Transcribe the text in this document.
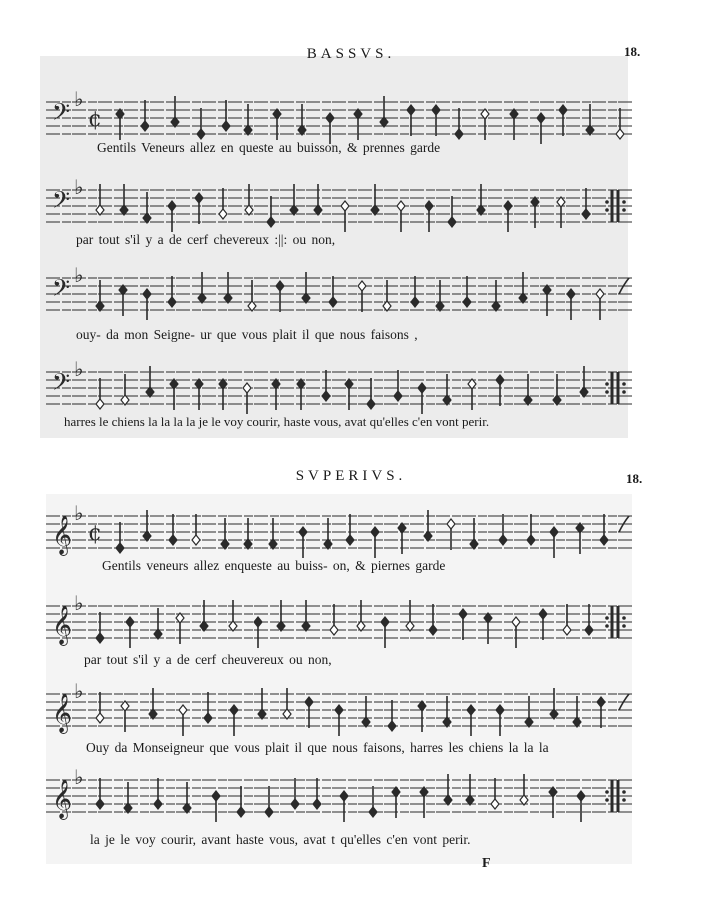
BASSVS.	18.
𝄢 ♭
¢
Gentils Veneurs allez en queste au buisson, & prennes garde
𝄢 ♭
par tout s'il y a de cerf chevereux :||: ou non,
𝄢 ♭
ouy- da mon Seigne- ur que vous plait il que nous faisons ,
𝄢 ♭
harres le chiens la la la la je le voy courir, haste vous, avat qu'elles c'en vont perir.
SVPERIVS.	18.
𝄞
♭
¢
Gentils veneurs allez enqueste au buiss- on, & piernes garde
𝄞
♭
par tout s'il y a de cerf cheuvereux ou non,
𝄞
♭
Ouy da Monseigneur que vous plait il que nous faisons, harres les chiens la la la
𝄞
♭
la je le voy courir, avant haste vous, avat t qu'elles c'en vont perir.
F
